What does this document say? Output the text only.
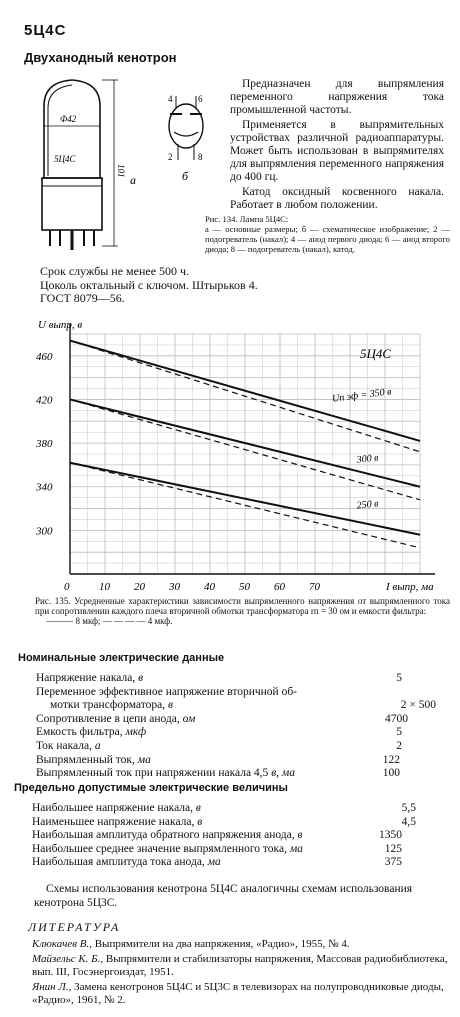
5Ц4С
Двуханодный кенотрон
Ф42
5Ц4С
101
а
4	6
2	8
б

Предназначен для выпрямления переменного напряжения тока промышленной частоты.

Применяется в выпрямительных устройствах различной радиоаппаратуры. Может быть использован в выпрямителях для выпрямления переменного напряжения до 400 гц.

Катод оксидный косвенного накала. Работает в любом положении.

Рис. 134. Лампа 5Ц4С:
а — основные размеры; б — схематическое изображение; 2 — подогреватель (накал); 4 — анод первого диода; 6 — анод второго диода; 8 — подогреватель (накал), катод.
Срок службы не менее 500 ч.
Цоколь октальный с ключом. Штырьков 4.
ГОСТ 8079—56.
0	10 20 30 40 50 60 70
300
340
380
420
460	5Ц4С
U выпр, в
I выпр, ма
Uп эф = 350 в
300 в
250 в
Рис. 135. Усредненные характеристики зависимости выпрямленного напряжения от выпрямленного тока при сопротивлении каждого плеча вторичной обмотки трансформатора rп = 30 ом и емкости фильтра:
——— 8 мкф; — — — — 4 мкф.
Номинальные электрические данные
Напряжение накала, в	5
Переменное эффективное напряжение вторичной об-
мотки трансформатора, в	2 × 500
Сопротивление в цепи анода, ом	4700
Емкость фильтра, мкф	5
Ток накала, а	2
Выпрямленный ток, ма	122
Выпрямленный ток при напряжении накала 4,5 в, ма	100
Предельно допустимые электрические величины
Наибольшее напряжение накала, в	5,5
Наименьшее напряжение накала, в	4,5
Наибольшая амплитуда обратного напряжения анода, в	1350
Наибольшее среднее значение выпрямленного тока, ма	125
Наибольшая амплитуда тока анода, ма	375
Схемы использования кенотрона 5Ц4С аналогичны схемам использования кенотрона 5Ц3С.
ЛИТЕРАТУРА

Клюкачев В., Выпрямители на два напряжения, «Радио», 1955, № 4.

Майзельс К. Б., Выпрямители и стабилизаторы напряжения, Массовая радиобиблиотека, вып. III, Госэнергоиздат, 1951.

Янин Л., Замена кенотронов 5Ц4С и 5Ц3С в телевизорах на полупроводниковые диоды, «Радио», 1961, № 2.
